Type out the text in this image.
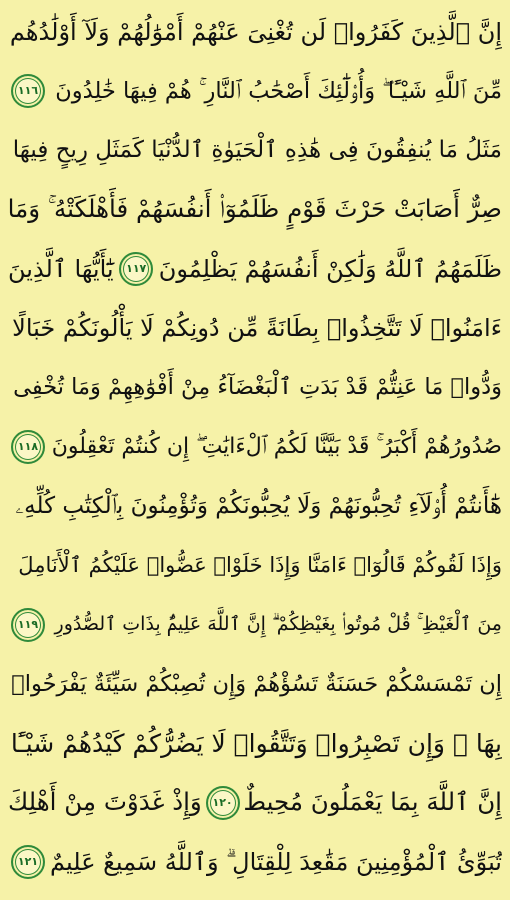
إِنَّ ٱلَّذِينَ كَفَرُوا۟ لَن تُغْنِىَ عَنْهُمْ أَمْوَٰلُهُمْ وَلَآ أَوْلَٰدُهُم
مِّنَ ٱللَّهِ شَيْـًٔا ۖ وَأُو۟لَٰٓئِكَ أَصْحَٰبُ ٱلنَّارِ ۚ هُمْ فِيهَا خَٰلِدُونَ
١١٦
مَثَلُ مَا يُنفِقُونَ فِى هَٰذِهِ ٱلْحَيَوٰةِ ٱلدُّنْيَا كَمَثَلِ رِيحٍ فِيهَا
صِرٌّ أَصَابَتْ حَرْثَ قَوْمٍ ظَلَمُوٓا۟ أَنفُسَهُمْ فَأَهْلَكَتْهُ ۚ وَمَا
ظَلَمَهُمُ ٱللَّهُ وَلَٰكِنْ أَنفُسَهُمْ يَظْلِمُونَ
١١٧
يَٰٓأَيُّهَا ٱلَّذِينَ
ءَامَنُوا۟ لَا تَتَّخِذُوا۟ بِطَانَةً مِّن دُونِكُمْ لَا يَأْلُونَكُمْ خَبَالًا
وَدُّوا۟ مَا عَنِتُّمْ قَدْ بَدَتِ ٱلْبَغْضَآءُ مِنْ أَفْوَٰهِهِمْ وَمَا تُخْفِى
صُدُورُهُمْ أَكْبَرُ ۚ قَدْ بَيَّنَّا لَكُمُ ٱلْءَايَٰتِ ۖ إِن كُنتُمْ تَعْقِلُونَ
١١٨
هَٰٓأَنتُمْ أُو۟لَآءِ تُحِبُّونَهُمْ وَلَا يُحِبُّونَكُمْ وَتُؤْمِنُونَ بِٱلْكِتَٰبِ كُلِّهِۦ
وَإِذَا لَقُوكُمْ قَالُوٓا۟ ءَامَنَّا وَإِذَا خَلَوْا۟ عَضُّوا۟ عَلَيْكُمُ ٱلْأَنَامِلَ
مِنَ ٱلْغَيْظِ ۚ قُلْ مُوتُوا۟ بِغَيْظِكُمْ ۗ إِنَّ ٱللَّهَ عَلِيمٌۢ بِذَاتِ ٱلصُّدُورِ
١١٩
إِن تَمْسَسْكُمْ حَسَنَةٌ تَسُؤْهُمْ وَإِن تُصِبْكُمْ سَيِّئَةٌ يَفْرَحُوا۟
بِهَا ۖ وَإِن تَصْبِرُوا۟ وَتَتَّقُوا۟ لَا يَضُرُّكُمْ كَيْدُهُمْ شَيْـًٔا
إِنَّ ٱللَّهَ بِمَا يَعْمَلُونَ مُحِيطٌ
١٢٠
وَإِذْ غَدَوْتَ مِنْ أَهْلِكَ
تُبَوِّئُ ٱلْمُؤْمِنِينَ مَقَٰعِدَ لِلْقِتَالِ ۗ وَٱللَّهُ سَمِيعٌ عَلِيمٌ
١٢١
